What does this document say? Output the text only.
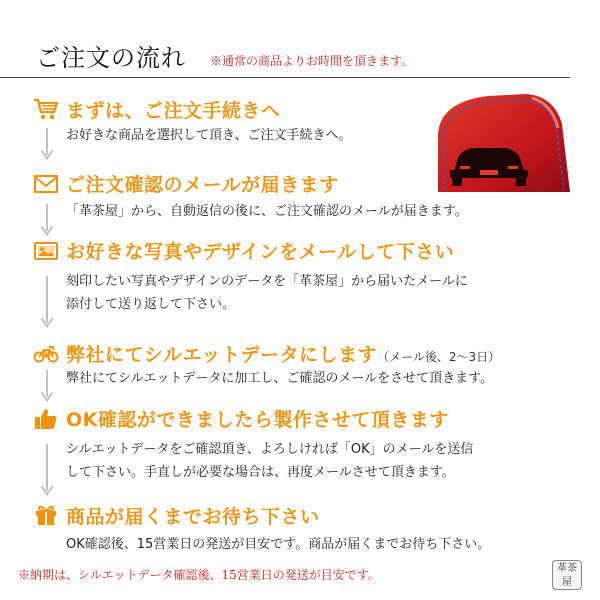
ご注文の流れ ※通常の商品よりお時間を頂きます。
まずは、ご注文手続きへ
お好きな商品を選択して頂き、ご注文手続きへ。
ご注文確認のメールが届きます
「革茶屋」から、自動返信の後に、ご注文確認のメールが届きます。
お好きな写真やデザインをメールして下さい
刻印したい写真やデザインのデータを「革茶屋」から届いたメールに
添付して送り返して下さい。
弊社にてシルエットデータにします（メール後、2〜3日）
弊社にてシルエットデータに加工し、ご確認のメールをさせて頂きます。
OK確認ができましたら製作させて頂きます
シルエットデータをご確認頂き、よろしければ「OK」のメールを送信
して下さい。手直しが必要な場合は、再度メールさせて頂きます。
商品が届くまでお待ち下さい
OK確認後、15営業日の発送が目安です。商品が届くまでお待ち下さい。
※納期は、シルエットデータ確認後、15営業日の発送が目安です。	革茶屋
